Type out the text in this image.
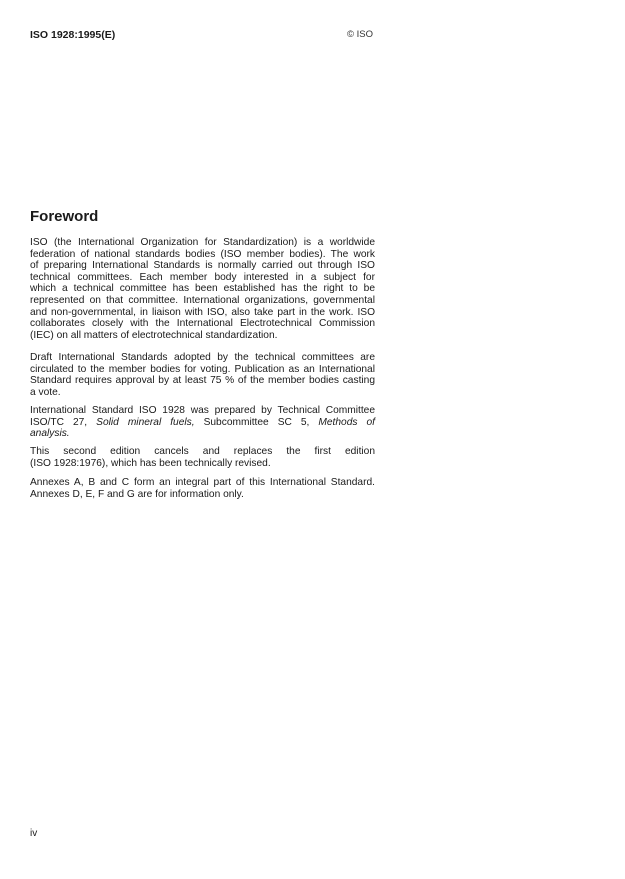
ISO 1928:1995(E)	© ISO
Foreword
ISO (the International Organization for Standardization) is a worldwide
federation of national standards bodies (ISO member bodies). The work
of preparing International Standards is normally carried out through ISO
technical committees. Each member body interested in a subject for
which a technical committee has been established has the right to be
represented on that committee. International organizations, governmental
and non-governmental, in liaison with ISO, also take part in the work. ISO
collaborates closely with the International Electrotechnical Commission
(IEC) on all matters of electrotechnical standardization.
Draft International Standards adopted by the technical committees are
circulated to the member bodies for voting. Publication as an International
Standard requires approval by at least 75 % of the member bodies casting
a vote.
International Standard ISO 1928 was prepared by Technical Committee
ISO/TC 27, Solid mineral fuels, Subcommittee SC 5, Methods of
analysis.
This second edition cancels and replaces the first edition
(ISO 1928:1976), which has been technically revised.
Annexes A, B and C form an integral part of this International Standard.
Annexes D, E, F and G are for information only.
iv
